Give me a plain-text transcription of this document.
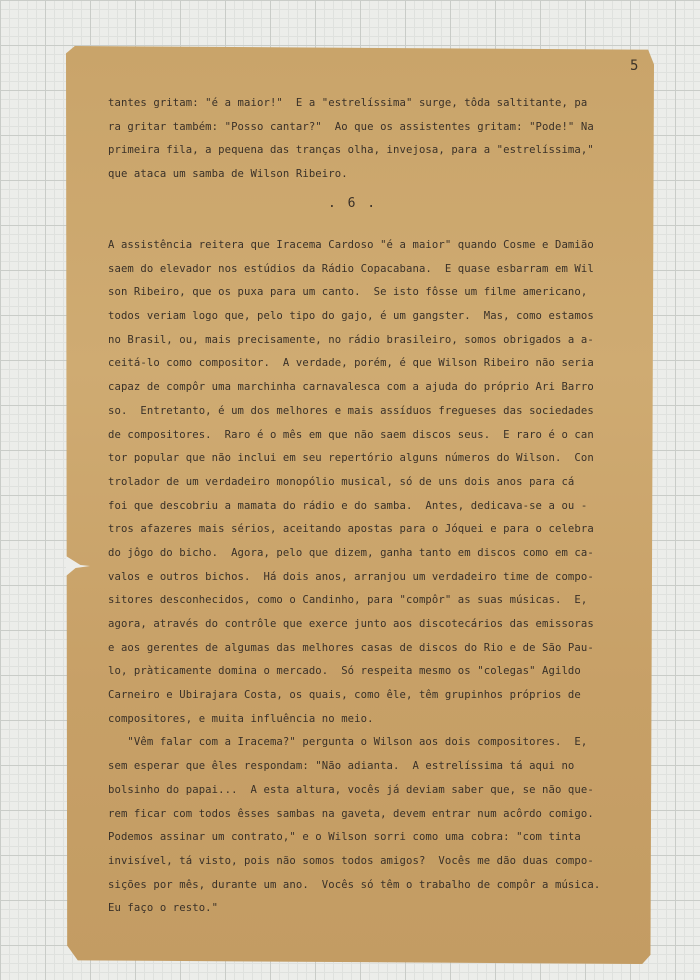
5
tantes gritam: "é a maior!"  E a "estrelíssima" surge, tôda saltitante, pa
ra gritar também: "Posso cantar?"  Ao que os assistentes gritam: "Pode!" Na
primeira fila, a pequena das tranças olha, invejosa, para a "estrelíssima,"
que ataca um samba de Wilson Ribeiro.
. 6 .
A assistência reitera que Iracema Cardoso "é a maior" quando Cosme e Damião
saem do elevador nos estúdios da Rádio Copacabana.  E quase esbarram em Wil
son Ribeiro, que os puxa para um canto.  Se isto fôsse um filme americano,
todos veriam logo que, pelo tipo do gajo, é um gangster.  Mas, como estamos
no Brasil, ou, mais precisamente, no rádio brasileiro, somos obrigados a a-
ceitá-lo como compositor.  A verdade, porém, é que Wilson Ribeiro não seria
capaz de compôr uma marchinha carnavalesca com a ajuda do próprio Ari Barro
so.  Entretanto, é um dos melhores e mais assíduos fregueses das sociedades
de compositores.  Raro é o mês em que não saem discos seus.  E raro é o can
tor popular que não inclui em seu repertório alguns números do Wilson.  Con
trolador de um verdadeiro monopólio musical, só de uns dois anos para cá
foi que descobriu a mamata do rádio e do samba.  Antes, dedicava-se a ou -
tros afazeres mais sérios, aceitando apostas para o Jóquei e para o celebra
do jôgo do bicho.  Agora, pelo que dizem, ganha tanto em discos como em ca-
valos e outros bichos.  Há dois anos, arranjou um verdadeiro time de compo-
sitores desconhecidos, como o Candinho, para "compôr" as suas músicas.  E,
agora, através do contrôle que exerce junto aos discotecários das emissoras
e aos gerentes de algumas das melhores casas de discos do Rio e de São Pau-
lo, pràticamente domina o mercado.  Só respeita mesmo os "colegas" Agildo
Carneiro e Ubirajara Costa, os quais, como êle, têm grupinhos próprios de
compositores, e muita influência no meio.
"Vêm falar com a Iracema?" pergunta o Wilson aos dois compositores.  E,
sem esperar que êles respondam: "Não adianta.  A estrelíssima tá aqui no
bolsinho do papai...  A esta altura, vocês já deviam saber que, se não que-
rem ficar com todos êsses sambas na gaveta, devem entrar num acôrdo comigo.
Podemos assinar um contrato," e o Wilson sorri como uma cobra: "com tinta
invisível, tá visto, pois não somos todos amigos?  Vocês me dão duas compo-
sições por mês, durante um ano.  Vocês só têm o trabalho de compôr a música.
Eu faço o resto."
